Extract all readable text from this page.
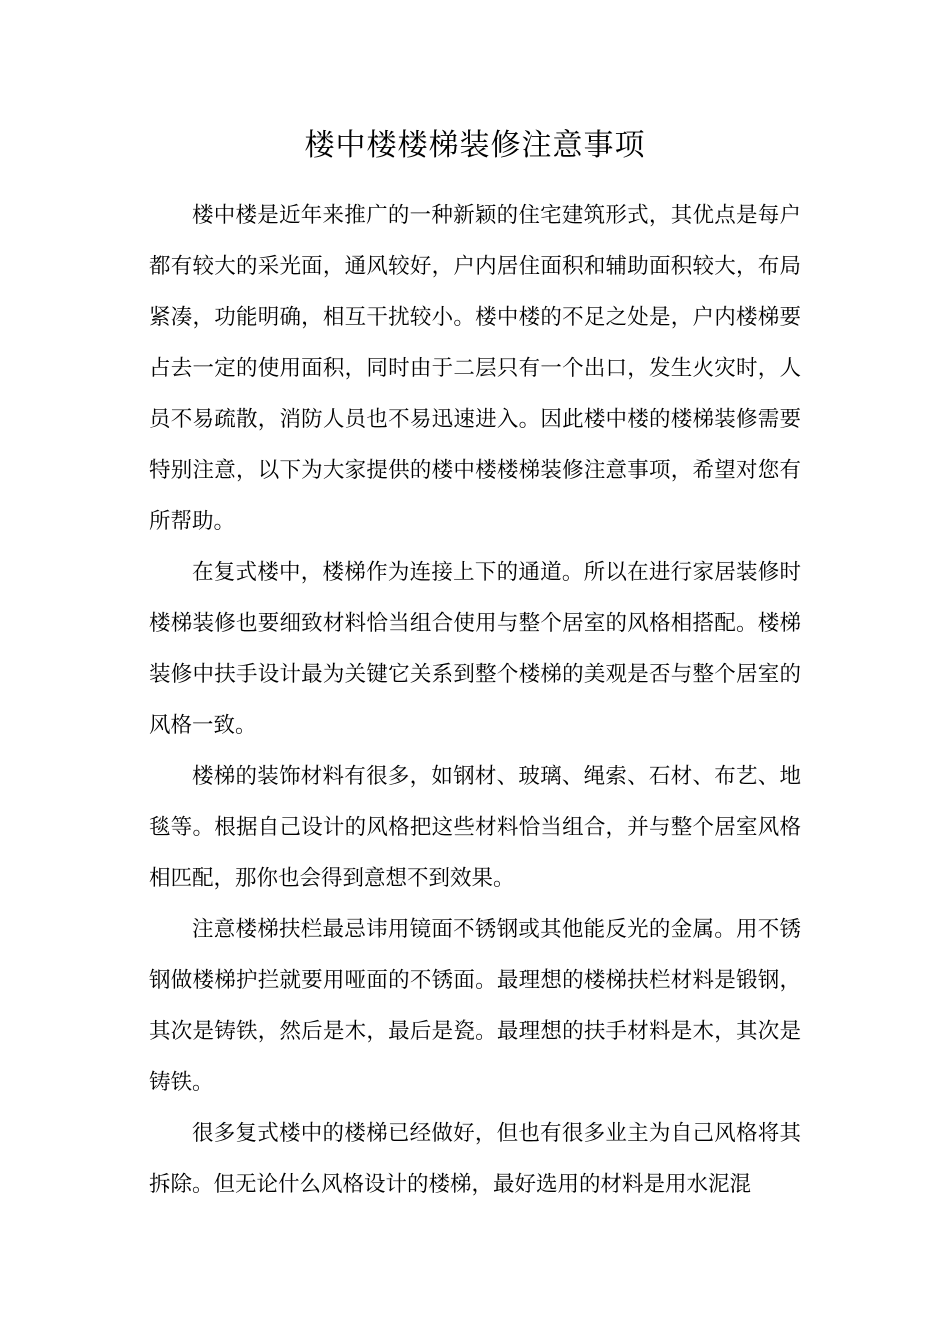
楼中楼楼梯装修注意事项

楼中楼是近年来推广的一种新颖的住宅建筑形式，其优点是每户都有较大的采光面，通风较好，户内居住面积和辅助面积较大，布局紧凑，功能明确，相互干扰较小。楼中楼的不足之处是，户内楼梯要占去一定的使用面积，同时由于二层只有一个出口，发生火灾时，人员不易疏散，消防人员也不易迅速进入。因此楼中楼的楼梯装修需要特别注意，以下为大家提供的楼中楼楼梯装修注意事项，希望对您有所帮助。

在复式楼中，楼梯作为连接上下的通道。所以在进行家居装修时楼梯装修也要细致材料恰当组合使用与整个居室的风格相搭配。楼梯装修中扶手设计最为关键它关系到整个楼梯的美观是否与整个居室的风格一致。

楼梯的装饰材料有很多，如钢材、玻璃、绳索、石材、布艺、地毯等。根据自己设计的风格把这些材料恰当组合，并与整个居室风格相匹配，那你也会得到意想不到效果。

注意楼梯扶栏最忌讳用镜面不锈钢或其他能反光的金属。用不锈钢做楼梯护拦就要用哑面的不锈面。最理想的楼梯扶栏材料是锻钢，其次是铸铁，然后是木，最后是瓷。最理想的扶手材料是木，其次是铸铁。

很多复式楼中的楼梯已经做好，但也有很多业主为自己风格将其拆除。但无论什么风格设计的楼梯，最好选用的材料是用水泥混
